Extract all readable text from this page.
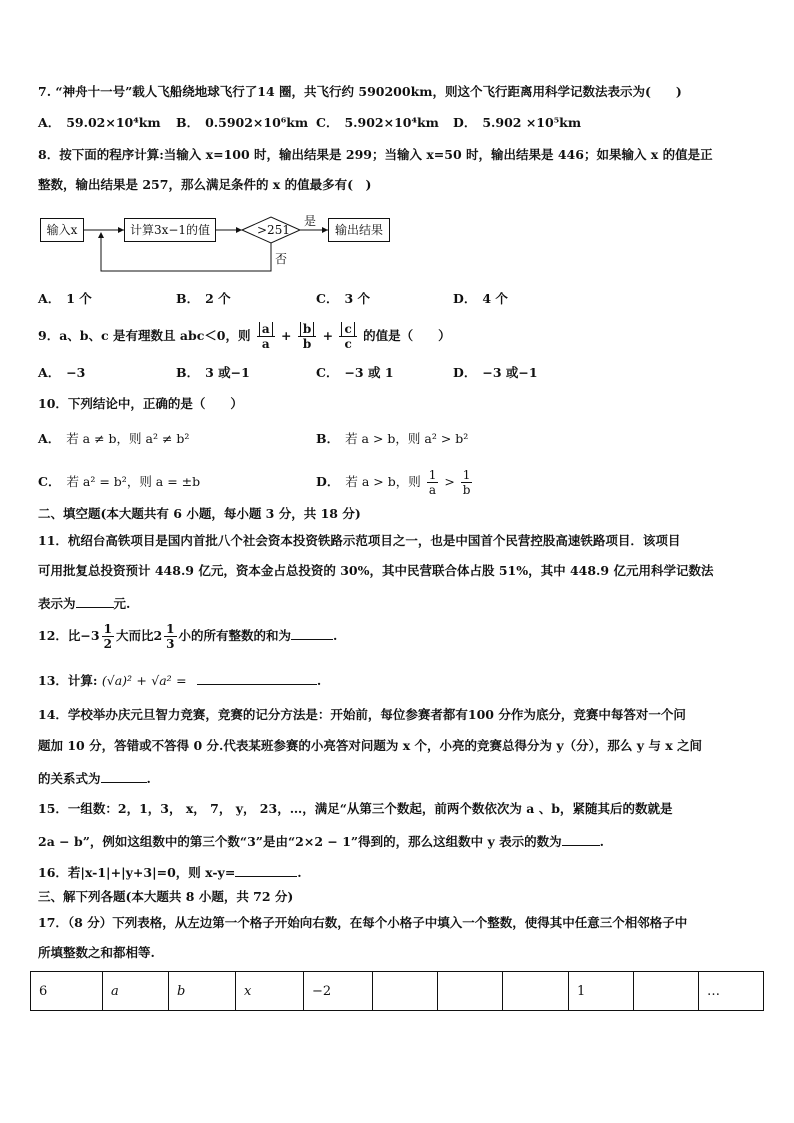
7. “神舟十一号”载人飞船绕地球飞行了14 圈，共飞行约 590200km，则这个飞行距离用科学记数法表示为(　　)
A． 59.02×10⁴km B． 0.5902×10⁶km C． 5.902×10⁴km D． 5.902 ×10⁵km
8．按下面的程序计算:当输入 x=100 时，输出结果是 299；当输入 x=50 时，输出结果是 446；如果输入 x 的值是正
整数，输出结果是 257，那么满足条件的 x 的值最多有(　)
输入x	计算3x−1的值	>251
是
否
输出结果
A． 1 个	B． 2 个	C． 3 个	D． 4 个
9．a、b、c 是有理数且 abc＜0，则 $\frac{a}{a} + \frac{b}{b} + \frac{c}{c}$ 的值是（　　）
A． −3	B． 3 或−1	C． −3 或 1	D． −3 或−1
10．下列结论中，正确的是（　　）
A． 若 a ≠ b，则 a² ≠ b²	B． 若 a > b，则 a² > b²
C． 若 a² = b²，则 a = ±b	D． 若 a > b，则 $\frac{1}{a} > \frac{1}{b}$
二、填空题(本大题共有 6 小题，每小题 3 分，共 18 分)
11．杭绍台高铁项目是国内首批八个社会资本投资铁路示范项目之一，也是中国首个民营控股高速铁路项目．该项目
可用批复总投资预计 448.9 亿元，资本金占总投资的 30%，其中民营联合体占股 51%，其中 448.9 亿元用科学记数法
表示为	元.
12．比$-3 \frac{1}{2}$ 大而比$2 \frac{1}{3}$ 小的所有整数的和为	.
13．计算: (√a)² + √a² =	.
14．学校举办庆元旦智力竞赛，竞赛的记分方法是：开始前，每位参赛者都有100 分作为底分，竞赛中每答对一个问
题加 10 分，答错或不答得 0 分.代表某班参赛的小亮答对问题为 x 个，小亮的竞赛总得分为 y（分），那么 y 与 x 之间
的关系式为	.
15．一组数：2，1，3， x， 7， y， 23，…，满足“从第三个数起，前两个数依次为 a 、b，紧随其后的数就是
2a − b”，例如这组数中的第三个数“3”是由“2×2 − 1”得到的，那么这组数中 y 表示的数为	.
16．若|x-1|+|y+3|=0，则 x-y=	.
三、解下列各题(本大题共 8 小题，共 72 分)
17．（8 分）下列表格，从左边第一个格子开始向右数，在每个小格子中填入一个整数，使得其中任意三个相邻格子中
所填整数之和都相等.
6	a	b	x	−2				1		…
